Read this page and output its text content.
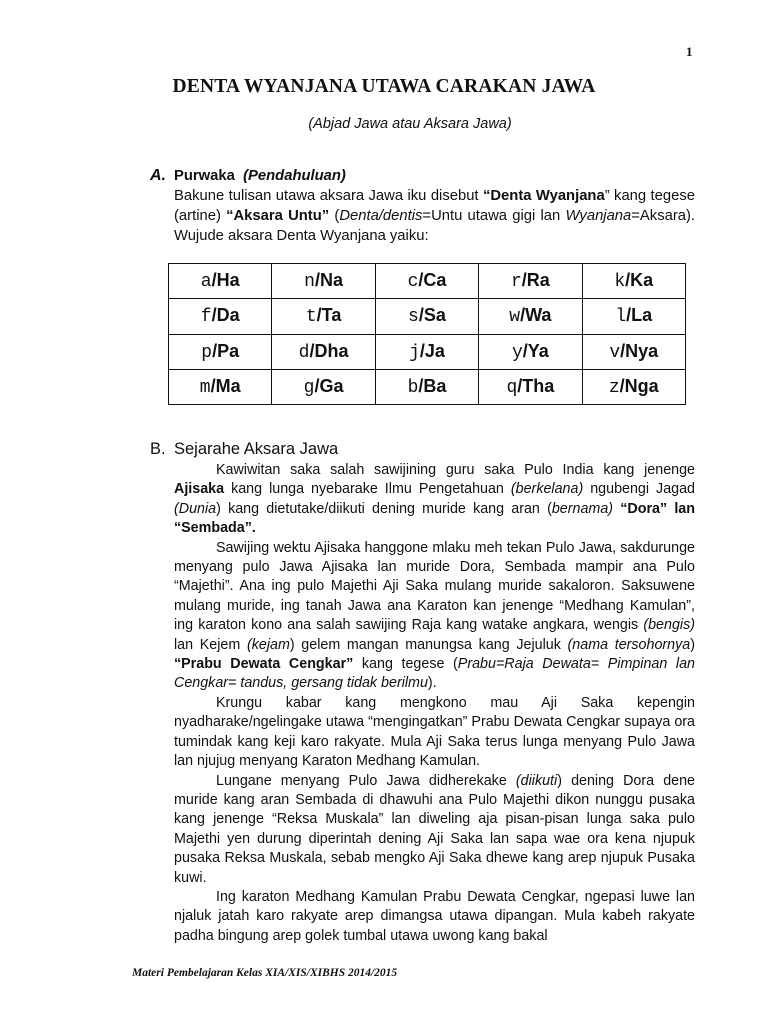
1
DENTA WYANJANA UTAWA CARAKAN JAWA
(Abjad Jawa atau Aksara Jawa)
A. Purwaka (Pendahuluan)
Bakune tulisan utawa aksara Jawa iku disebut “Denta Wyanjana” kang tegese (artine) “Aksara Untu” (Denta/dentis=Untu utawa gigi lan Wyanjana=Aksara). Wujude aksara Denta Wyanjana yaiku:
a/Ha	n/Na	c/Ca	r/Ra	k/Ka
f/Da	t/Ta	s/Sa	w/Wa	l/La
p/Pa	d/Dha	j/Ja	y/Ya	v/Nya
m/Ma	g/Ga	b/Ba	q/Tha	z/Nga
B. Sejarahe Aksara Jawa

Kawiwitan saka salah sawijining guru saka Pulo India kang jenenge Ajisaka kang lunga nyebarake Ilmu Pengetahuan (berkelana) ngubengi Jagad (Dunia) kang dietutake/diikuti dening muride kang aran (bernama) “Dora” lan “Sembada”.

Sawijing wektu Ajisaka hanggone mlaku meh tekan Pulo Jawa, sakdurunge menyang pulo Jawa Ajisaka lan muride Dora, Sembada mampir ana Pulo “Majethi”. Ana ing pulo Majethi Aji Saka mulang muride sakaloron. Saksuwene mulang muride, ing tanah Jawa ana Karaton kan jenenge “Medhang Kamulan”, ing karaton kono ana salah sawijing Raja kang watake angkara, wengis (bengis) lan Kejem (kejam) gelem mangan manungsa kang Jejuluk (nama tersohornya) “Prabu Dewata Cengkar” kang tegese (Prabu=Raja Dewata= Pimpinan lan Cengkar= tandus, gersang tidak berilmu).

Krungu kabar kang mengkono mau Aji Saka kepengin nyadharake/ngelingake utawa “mengingatkan” Prabu Dewata Cengkar supaya ora tumindak kang keji karo rakyate. Mula Aji Saka terus lunga menyang Pulo Jawa lan njujug menyang Karaton Medhang Kamulan.

Lungane menyang Pulo Jawa didherekake (diikuti) dening Dora dene muride kang aran Sembada di dhawuhi ana Pulo Majethi dikon nunggu pusaka kang jenenge “Reksa Muskala” lan diweling aja pisan-pisan lunga saka pulo Majethi yen durung diperintah dening Aji Saka lan sapa wae ora kena njupuk pusaka Reksa Muskala, sebab mengko Aji Saka dhewe kang arep njupuk Pusaka kuwi.

Ing karaton Medhang Kamulan Prabu Dewata Cengkar, ngepasi luwe lan njaluk jatah karo rakyate arep dimangsa utawa dipangan. Mula kabeh rakyate padha bingung arep golek tumbal utawa uwong kang bakal

Materi Pembelajaran Kelas XIA/XIS/XIBHS 2014/2015
